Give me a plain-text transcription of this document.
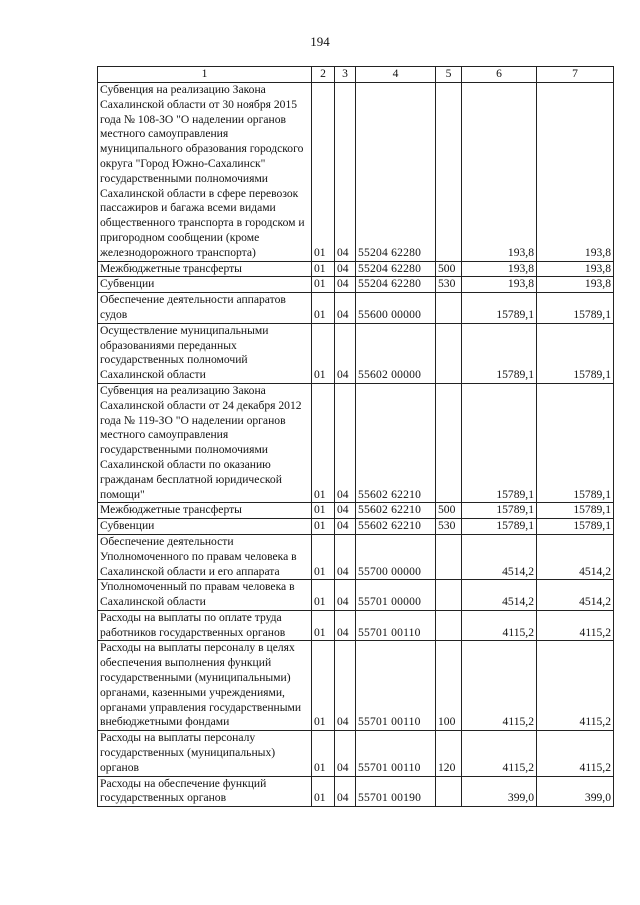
194
1	2	3	4	5	6	7
Субвенция на реализацию Закона Сахалинской области от 30 ноября 2015 года № 108-ЗО "О наделении органов местного самоуправления муниципального образования городского округа "Город Южно-Сахалинск" государственными полномочиями Сахалинской области в сфере перевозок пассажиров и багажа всеми видами общественного транспорта в городском и пригородном сообщении (кроме железнодорожного транспорта)	01	04	55204 62280		193,8	193,8
Межбюджетные трансферты	01	04	55204 62280	500	193,8	193,8
Субвенции	01	04	55204 62280	530	193,8	193,8
Обеспечение деятельности аппаратов судов	01	04	55600 00000		15789,1	15789,1
Осуществление муниципальными образованиями переданных государственных полномочий Сахалинской области	01	04	55602 00000		15789,1	15789,1
Субвенция на реализацию Закона Сахалинской области от 24 декабря 2012 года № 119-ЗО "О наделении органов местного самоуправления государственными полномочиями Сахалинской области по оказанию гражданам бесплатной юридической помощи"	01	04	55602 62210		15789,1	15789,1
Межбюджетные трансферты	01	04	55602 62210	500	15789,1	15789,1
Субвенции	01	04	55602 62210	530	15789,1	15789,1
Обеспечение деятельности Уполномоченного по правам человека в Сахалинской области и его аппарата	01	04	55700 00000		4514,2	4514,2
Уполномоченный по правам человека в Сахалинской области	01	04	55701 00000		4514,2	4514,2
Расходы на выплаты по оплате труда работников государственных органов	01	04	55701 00110		4115,2	4115,2
Расходы на выплаты персоналу в целях обеспечения выполнения функций государственными (муниципальными) органами, казенными учреждениями, органами управления государственными внебюджетными фондами	01	04	55701 00110	100	4115,2	4115,2
Расходы на выплаты персоналу государственных (муниципальных) органов	01	04	55701 00110	120	4115,2	4115,2
Расходы на обеспечение функций государственных органов	01	04	55701 00190		399,0	399,0
